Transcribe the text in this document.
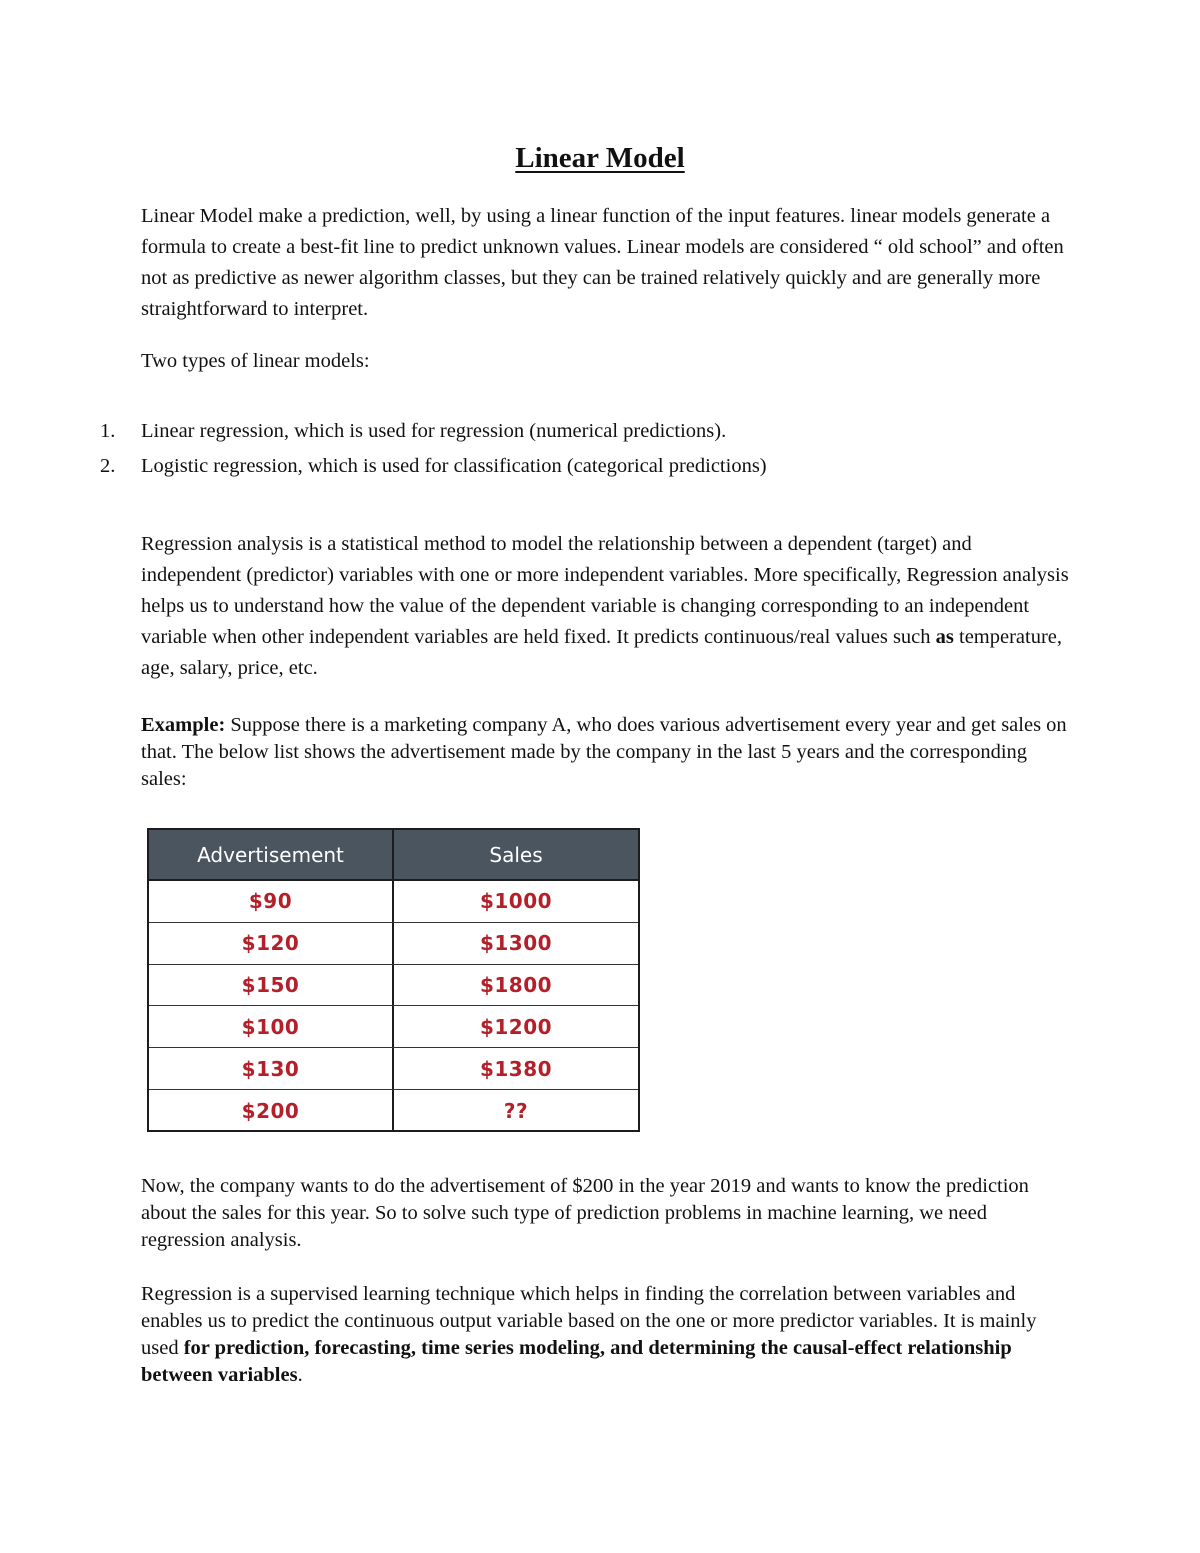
Linear Model

Linear Model make a prediction, well, by using a linear function of the input features. linear models generate a formula to create a best-fit line to predict unknown values. Linear models are considered “ old school” and often not as predictive as newer algorithm classes, but they can be trained relatively quickly and are generally more straightforward to interpret.

Two types of linear models:

1. Linear regression, which is used for regression (numerical predictions).
2. Logistic regression, which is used for classification (categorical predictions)

Regression analysis is a statistical method to model the relationship between a dependent (target) and independent (predictor) variables with one or more independent variables. More specifically, Regression analysis helps us to understand how the value of the dependent variable is changing corresponding to an independent variable when other independent variables are held fixed. It predicts continuous/real values such as temperature, age, salary, price, etc.

Example: Suppose there is a marketing company A, who does various advertisement every year and get sales on that. The below list shows the advertisement made by the company in the last 5 years and the corresponding sales:

Advertisement	Sales
$90	$1000
$120	$1300
$150	$1800
$100	$1200
$130	$1380
$200	??

Now, the company wants to do the advertisement of $200 in the year 2019 and wants to know the prediction about the sales for this year. So to solve such type of prediction problems in machine learning, we need regression analysis.

Regression is a supervised learning technique which helps in finding the correlation between variables and enables us to predict the continuous output variable based on the one or more predictor variables. It is mainly used for prediction, forecasting, time series modeling, and determining the causal-effect relationship between variables.
